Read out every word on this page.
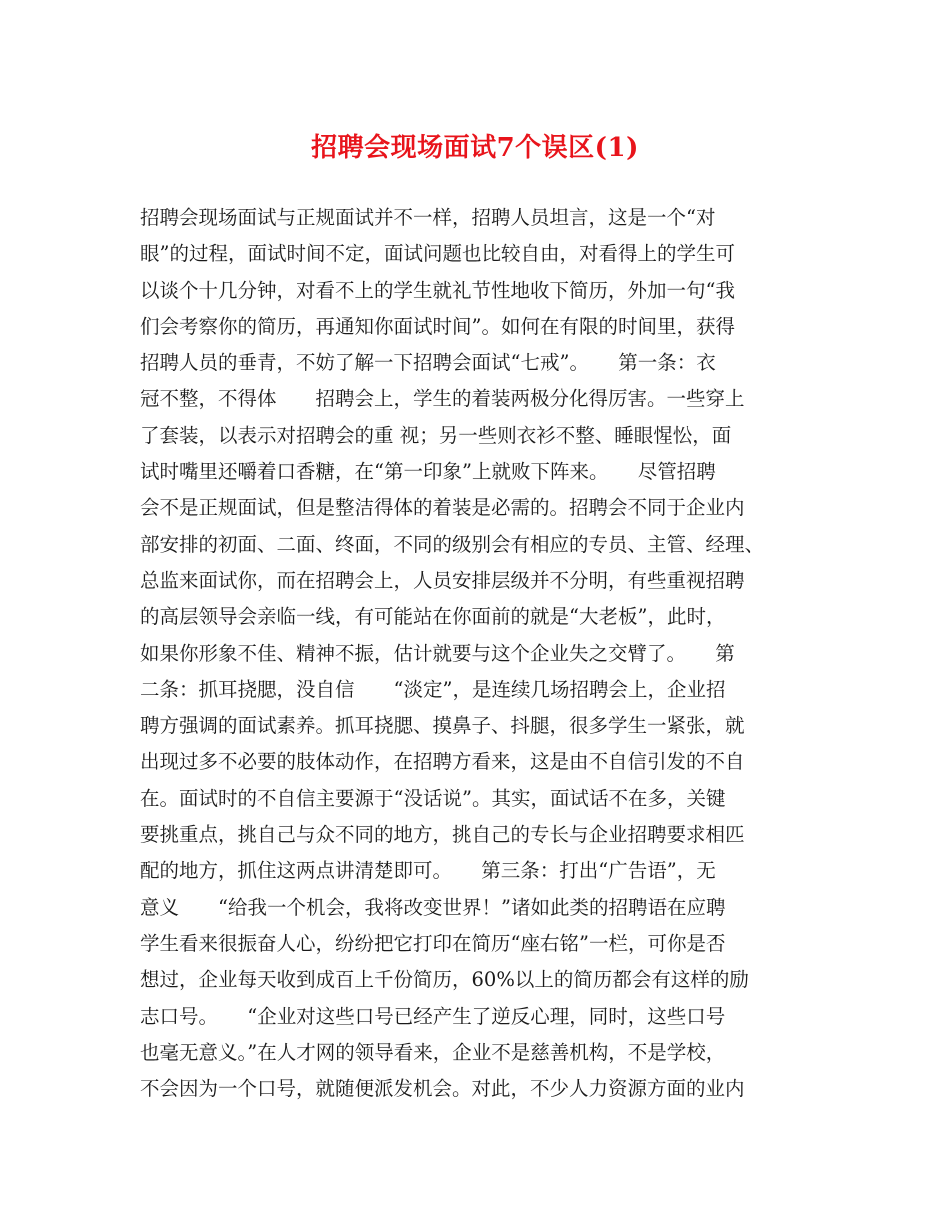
招聘会现场面试7个误区(1)
招聘会现场面试与正规面试并不一样，招聘人员坦言，这是一个“对
眼”的过程，面试时间不定，面试问题也比较自由，对看得上的学生可
以谈个十几分钟，对看不上的学生就礼节性地收下简历，外加一句“我
们会考察你的简历，再通知你面试时间”。如何在有限的时间里，获得
招聘人员的垂青，不妨了解一下招聘会面试“七戒”。　　第一条：衣
冠不整，不得体　　招聘会上，学生的着装两极分化得厉害。一些穿上
了套装，以表示对招聘会的重 视；另一些则衣衫不整、睡眼惺忪，面
试时嘴里还嚼着口香糖，在“第一印象”上就败下阵来。　　尽管招聘
会不是正规面试，但是整洁得体的着装是必需的。招聘会不同于企业内
部安排的初面、二面、终面，不同的级别会有相应的专员、主管、经理、
总监来面试你，而在招聘会上，人员安排层级并不分明，有些重视招聘
的高层领导会亲临一线，有可能站在你面前的就是“大老板”，此时，
如果你形象不佳、精神不振，估计就要与这个企业失之交臂了。　　第
二条：抓耳挠腮，没自信　　“淡定”，是连续几场招聘会上，企业招
聘方强调的面试素养。抓耳挠腮、摸鼻子、抖腿，很多学生一紧张，就
出现过多不必要的肢体动作，在招聘方看来，这是由不自信引发的不自
在。面试时的不自信主要源于“没话说”。其实，面试话不在多，关键
要挑重点，挑自己与众不同的地方，挑自己的专长与企业招聘要求相匹
配的地方，抓住这两点讲清楚即可。　　第三条：打出“广告语”，无
意义　　“给我一个机会，我将改变世界！”诸如此类的招聘语在应聘
学生看来很振奋人心，纷纷把它打印在简历“座右铭”一栏，可你是否
想过，企业每天收到成百上千份简历，60%以上的简历都会有这样的励
志口号。　　“企业对这些口号已经产生了逆反心理，同时，这些口号
也毫无意义。”在人才网的领导看来，企业不是慈善机构，不是学校，
不会因为一个口号，就随便派发机会。对此，不少人力资源方面的业内
